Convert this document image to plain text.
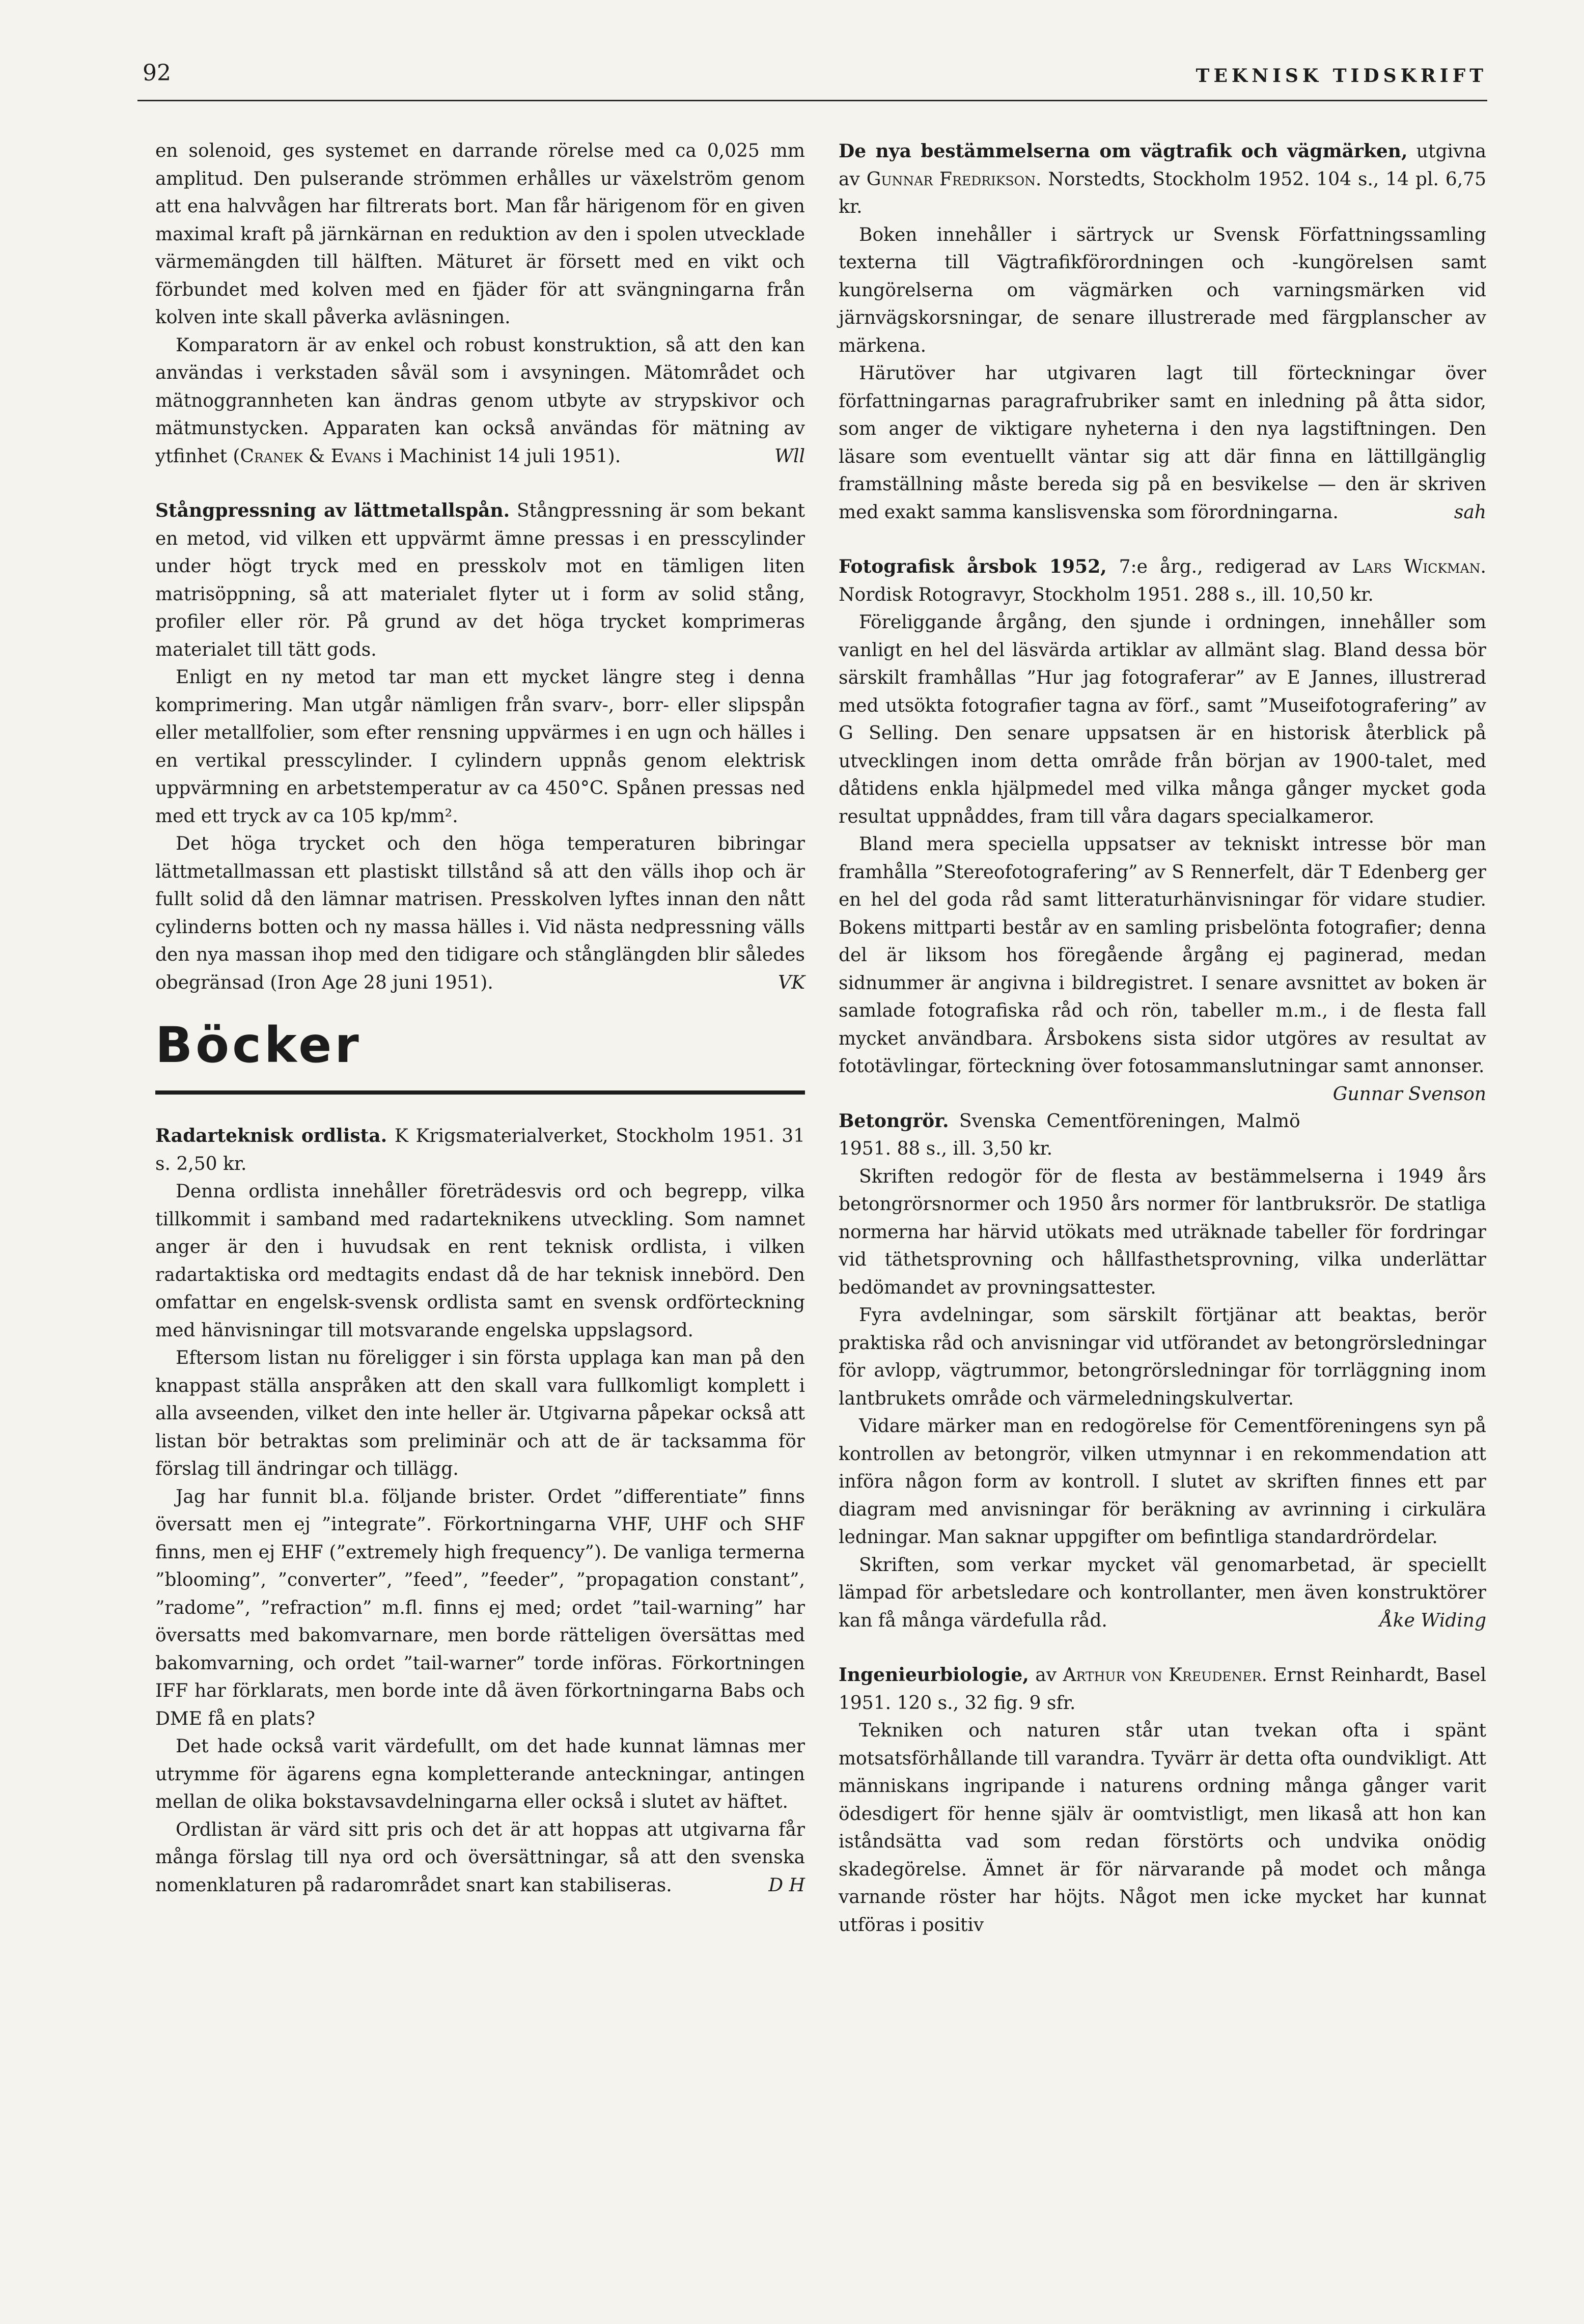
92	TEKNISK TIDSKRIFT

en solenoid, ges systemet en darrande rörelse med ca 0,025 mm amplitud. Den pulserande strömmen erhålles ur växelström genom att ena halvvågen har filtrerats bort. Man får härigenom för en given maximal kraft på järnkärnan en reduktion av den i spolen utvecklade värmemängden till hälften. Mäturet är försett med en vikt och förbundet med kolven med en fjäder för att svängningarna från kolven inte skall påverka avläsningen.

Komparatorn är av enkel och robust konstruktion, så att den kan användas i verkstaden såväl som i avsyningen. Mätområdet och mätnoggrannheten kan ändras genom utbyte av strypskivor och mätmunstycken. Apparaten kan också användas för mätning av ytfinhet (Cranek & Evans i Machinist 14 juli 1951).	Wll

Stångpressning av lättmetallspån. Stångpressning är som bekant en metod, vid vilken ett uppvärmt ämne pressas i en presscylinder under högt tryck med en presskolv mot en tämligen liten matrisöppning, så att materialet flyter ut i form av solid stång, profiler eller rör. På grund av det höga trycket komprimeras materialet till tätt gods.

Enligt en ny metod tar man ett mycket längre steg i denna komprimering. Man utgår nämligen från svarv-, borr- eller slipspån eller metallfolier, som efter rensning uppvärmes i en ugn och hälles i en vertikal presscylinder. I cylindern uppnås genom elektrisk uppvärmning en arbetstemperatur av ca 450°C. Spånen pressas ned med ett tryck av ca 105 kp/mm².

Det höga trycket och den höga temperaturen bibringar lättmetallmassan ett plastiskt tillstånd så att den välls ihop och är fullt solid då den lämnar matrisen. Presskolven lyftes innan den nått cylinderns botten och ny massa hälles i. Vid nästa nedpressning välls den nya massan ihop med den tidigare och stånglängden blir således obegränsad (Iron Age 28 juni 1951).	VK

Böcker

Radarteknisk ordlista. K Krigsmaterialverket, Stockholm 1951. 31 s. 2,50 kr.

Denna ordlista innehåller företrädesvis ord och begrepp, vilka tillkommit i samband med radarteknikens utveckling. Som namnet anger är den i huvudsak en rent teknisk ordlista, i vilken radartaktiska ord medtagits endast då de har teknisk innebörd. Den omfattar en engelsk-svensk ordlista samt en svensk ordförteckning med hänvisningar till motsvarande engelska uppslagsord.

Eftersom listan nu föreligger i sin första upplaga kan man på den knappast ställa anspråken att den skall vara fullkomligt komplett i alla avseenden, vilket den inte heller är. Utgivarna påpekar också att listan bör betraktas som preliminär och att de är tacksamma för förslag till ändringar och tillägg.

Jag har funnit bl.a. följande brister. Ordet ”differentiate” finns översatt men ej ”integrate”. Förkortningarna VHF, UHF och SHF finns, men ej EHF (”extremely high frequency”). De vanliga termerna ”blooming”, ”converter”, ”feed”, ”feeder”, ”propagation constant”, ”radome”, ”refraction” m.fl. finns ej med; ordet ”tail-warning” har översatts med bakomvarnare, men borde rätteligen översättas med bakomvarning, och ordet ”tail-warner” torde införas. Förkortningen IFF har förklarats, men borde inte då även förkortningarna Babs och DME få en plats?

Det hade också varit värdefullt, om det hade kunnat lämnas mer utrymme för ägarens egna kompletterande anteckningar, antingen mellan de olika bokstavsavdelningarna eller också i slutet av häftet.

Ordlistan är värd sitt pris och det är att hoppas att utgivarna får många förslag till nya ord och översättningar, så att den svenska nomenklaturen på radarområdet snart kan stabiliseras.	D H

De nya bestämmelserna om vägtrafik och vägmärken, utgivna av Gunnar Fredrikson. Norstedts, Stockholm 1952. 104 s., 14 pl. 6,75 kr.

Boken innehåller i särtryck ur Svensk Författningssamling texterna till Vägtrafikförordningen och -kungörelsen samt kungörelserna om vägmärken och varningsmärken vid järnvägskorsningar, de senare illustrerade med färgplanscher av märkena.

Härutöver har utgivaren lagt till förteckningar över författningarnas paragrafrubriker samt en inledning på åtta sidor, som anger de viktigare nyheterna i den nya lagstiftningen. Den läsare som eventuellt väntar sig att där finna en lättillgänglig framställning måste bereda sig på en besvikelse — den är skriven med exakt samma kanslisvenska som förordningarna.	sah

Fotografisk årsbok 1952, 7:e årg., redigerad av Lars Wickman. Nordisk Rotogravyr, Stockholm 1951. 288 s., ill. 10,50 kr.

Föreliggande årgång, den sjunde i ordningen, innehåller som vanligt en hel del läsvärda artiklar av allmänt slag. Bland dessa bör särskilt framhållas ”Hur jag fotograferar” av E Jannes, illustrerad med utsökta fotografier tagna av förf., samt ”Museifotografering” av G Selling. Den senare uppsatsen är en historisk återblick på utvecklingen inom detta område från början av 1900-talet, med dåtidens enkla hjälpmedel med vilka många gånger mycket goda resultat uppnåddes, fram till våra dagars specialkameror.

Bland mera speciella uppsatser av tekniskt intresse bör man framhålla ”Stereofotografering” av S Rennerfelt, där T Edenberg ger en hel del goda råd samt litteraturhänvisningar för vidare studier. Bokens mittparti består av en samling prisbelönta fotografier; denna del är liksom hos föregående årgång ej paginerad, medan sidnummer är angivna i bildregistret. I senare avsnittet av boken är samlade fotografiska råd och rön, tabeller m.m., i de flesta fall mycket användbara. Årsbokens sista sidor utgöres av resultat av fototävlingar, förteckning över fotosammanslutningar samt annonser.
Gunnar Svenson

Betongrör. Svenska Cementföreningen, Malmö 1951. 88 s., ill. 3,50 kr.

Skriften redogör för de flesta av bestämmelserna i 1949 års betongrörsnormer och 1950 års normer för lantbruksrör. De statliga normerna har härvid utökats med uträknade tabeller för fordringar vid täthetsprovning och hållfasthetsprovning, vilka underlättar bedömandet av provningsattester.

Fyra avdelningar, som särskilt förtjänar att beaktas, berör praktiska råd och anvisningar vid utförandet av betongrörsledningar för avlopp, vägtrummor, betongrörsledningar för torrläggning inom lantbrukets område och värmeledningskulvertar.

Vidare märker man en redogörelse för Cementföreningens syn på kontrollen av betongrör, vilken utmynnar i en rekommendation att införa någon form av kontroll. I slutet av skriften finnes ett par diagram med anvisningar för beräkning av avrinning i cirkulära ledningar. Man saknar uppgifter om befintliga standardrördelar.

Skriften, som verkar mycket väl genomarbetad, är speciellt lämpad för arbetsledare och kontrollanter, men även konstruktörer kan få många värdefulla råd.	Åke Widing

Ingenieurbiologie, av Arthur von Kreudener. Ernst Reinhardt, Basel 1951. 120 s., 32 fig. 9 sfr.

Tekniken och naturen står utan tvekan ofta i spänt motsatsförhållande till varandra. Tyvärr är detta ofta oundvikligt. Att människans ingripande i naturens ordning många gånger varit ödesdigert för henne själv är oomtvistligt, men likaså att hon kan iståndsätta vad som redan förstörts och undvika onödig skadegörelse. Ämnet är för närvarande på modet och många varnande röster har höjts. Något men icke mycket har kunnat utföras i positiv
